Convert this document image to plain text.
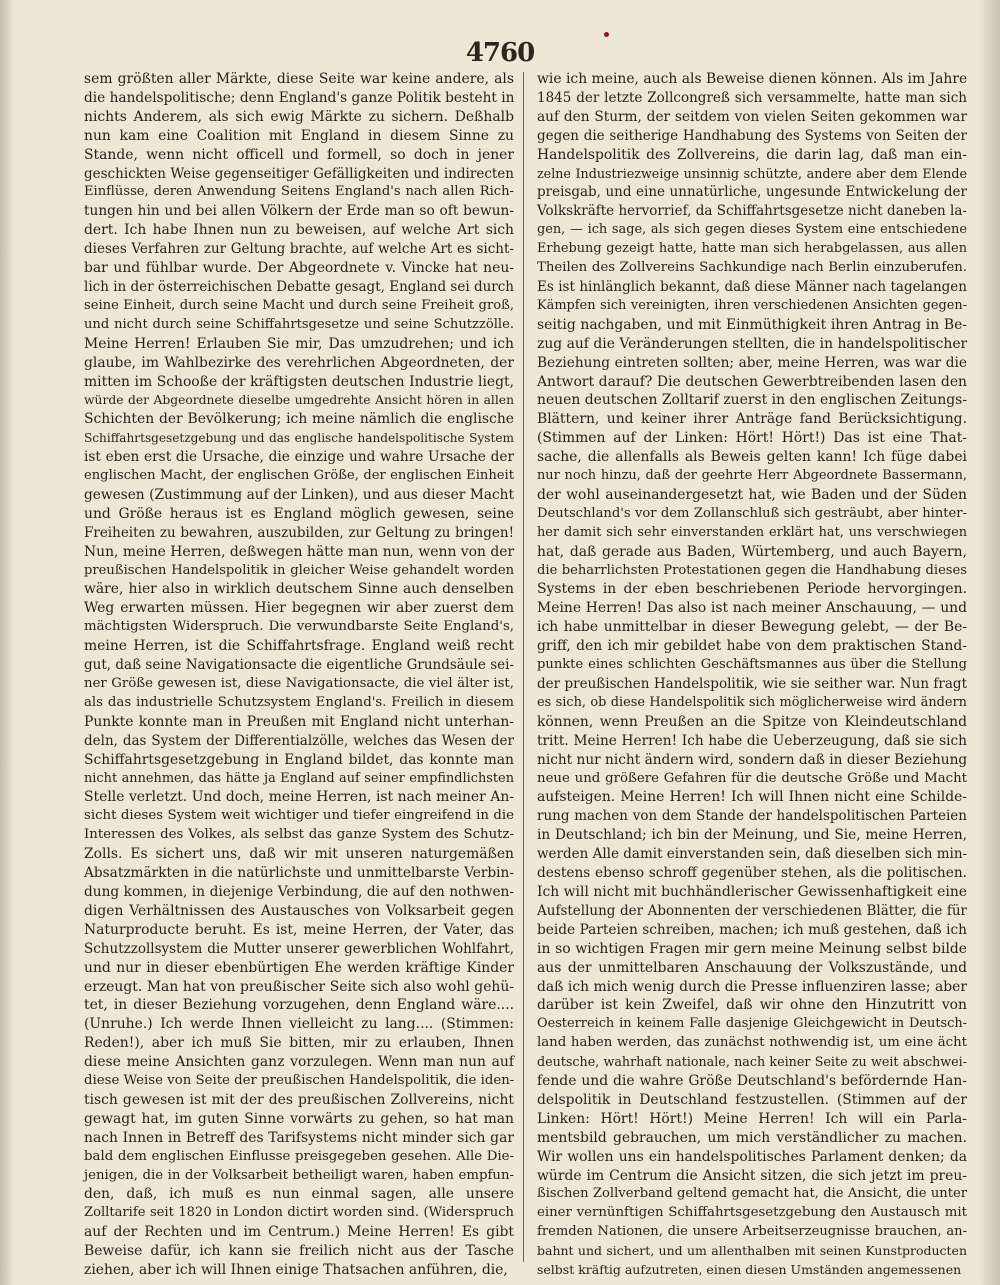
4760
sem größten aller Märkte, diese Seite war keine andere, als
die handelspolitische; denn England's ganze Politik besteht in
nichts Anderem, als sich ewig Märkte zu sichern. Deßhalb
nun kam eine Coalition mit England in diesem Sinne zu
Stande, wenn nicht officell und formell, so doch in jener
geschickten Weise gegenseitiger Gefälligkeiten und indirecten
Einflüsse, deren Anwendung Seitens England's nach allen Rich-
tungen hin und bei allen Völkern der Erde man so oft bewun-
dert. Ich habe Ihnen nun zu beweisen, auf welche Art sich
dieses Verfahren zur Geltung brachte, auf welche Art es sicht-
bar und fühlbar wurde. Der Abgeordnete v. Vincke hat neu-
lich in der österreichischen Debatte gesagt, England sei durch
seine Einheit, durch seine Macht und durch seine Freiheit groß,
und nicht durch seine Schiffahrtsgesetze und seine Schutzzölle.
Meine Herren! Erlauben Sie mir, Das umzudrehen; und ich
glaube, im Wahlbezirke des verehrlichen Abgeordneten, der
mitten im Schooße der kräftigsten deutschen Industrie liegt,
würde der Abgeordnete dieselbe umgedrehte Ansicht hören in allen
Schichten der Bevölkerung; ich meine nämlich die englische
Schiffahrtsgesetzgebung und das englische handelspolitische System
ist eben erst die Ursache, die einzige und wahre Ursache der
englischen Macht, der englischen Größe, der englischen Einheit
gewesen (Zustimmung auf der Linken), und aus dieser Macht
und Größe heraus ist es England möglich gewesen, seine
Freiheiten zu bewahren, auszubilden, zur Geltung zu bringen!
Nun, meine Herren, deßwegen hätte man nun, wenn von der
preußischen Handelspolitik in gleicher Weise gehandelt worden
wäre, hier also in wirklich deutschem Sinne auch denselben
Weg erwarten müssen. Hier begegnen wir aber zuerst dem
mächtigsten Widerspruch. Die verwundbarste Seite England's,
meine Herren, ist die Schiffahrtsfrage. England weiß recht
gut, daß seine Navigationsacte die eigentliche Grundsäule sei-
ner Größe gewesen ist, diese Navigationsacte, die viel älter ist,
als das industrielle Schutzsystem England's. Freilich in diesem
Punkte konnte man in Preußen mit England nicht unterhan-
deln, das System der Differentialzölle, welches das Wesen der
Schiffahrtsgesetzgebung in England bildet, das konnte man
nicht annehmen, das hätte ja England auf seiner empfindlichsten
Stelle verletzt. Und doch, meine Herren, ist nach meiner An-
sicht dieses System weit wichtiger und tiefer eingreifend in die
Interessen des Volkes, als selbst das ganze System des Schutz-
Zolls. Es sichert uns, daß wir mit unseren naturgemäßen
Absatzmärkten in die natürlichste und unmittelbarste Verbin-
dung kommen, in diejenige Verbindung, die auf den nothwen-
digen Verhältnissen des Austausches von Volksarbeit gegen
Naturproducte beruht. Es ist, meine Herren, der Vater, das
Schutzzollsystem die Mutter unserer gewerblichen Wohlfahrt,
und nur in dieser ebenbürtigen Ehe werden kräftige Kinder
erzeugt. Man hat von preußischer Seite sich also wohl gehü-
tet, in dieser Beziehung vorzugehen, denn England wäre....
(Unruhe.) Ich werde Ihnen vielleicht zu lang.... (Stimmen:
Reden!), aber ich muß Sie bitten, mir zu erlauben, Ihnen
diese meine Ansichten ganz vorzulegen. Wenn man nun auf
diese Weise von Seite der preußischen Handelspolitik, die iden-
tisch gewesen ist mit der des preußischen Zollvereins, nicht
gewagt hat, im guten Sinne vorwärts zu gehen, so hat man
nach Innen in Betreff des Tarifsystems nicht minder sich gar
bald dem englischen Einflusse preisgegeben gesehen. Alle Die-
jenigen, die in der Volksarbeit betheiligt waren, haben empfun-
den, daß, ich muß es nun einmal sagen, alle unsere
Zolltarife seit 1820 in London dictirt worden sind. (Widerspruch
auf der Rechten und im Centrum.) Meine Herren! Es gibt
Beweise dafür, ich kann sie freilich nicht aus der Tasche
ziehen, aber ich will Ihnen einige Thatsachen anführen, die,
wie ich meine, auch als Beweise dienen können. Als im Jahre
1845 der letzte Zollcongreß sich versammelte, hatte man sich
auf den Sturm, der seitdem von vielen Seiten gekommen war
gegen die seitherige Handhabung des Systems von Seiten der
Handelspolitik des Zollvereins, die darin lag, daß man ein-
zelne Industriezweige unsinnig schützte, andere aber dem Elende
preisgab, und eine unnatürliche, ungesunde Entwickelung der
Volkskräfte hervorrief, da Schiffahrtsgesetze nicht daneben la-
gen, — ich sage, als sich gegen dieses System eine entschiedene
Erhebung gezeigt hatte, hatte man sich herabgelassen, aus allen
Theilen des Zollvereins Sachkundige nach Berlin einzuberufen.
Es ist hinlänglich bekannt, daß diese Männer nach tagelangen
Kämpfen sich vereinigten, ihren verschiedenen Ansichten gegen-
seitig nachgaben, und mit Einmüthigkeit ihren Antrag in Be-
zug auf die Veränderungen stellten, die in handelspolitischer
Beziehung eintreten sollten; aber, meine Herren, was war die
Antwort darauf? Die deutschen Gewerbtreibenden lasen den
neuen deutschen Zolltarif zuerst in den englischen Zeitungs-
Blättern, und keiner ihrer Anträge fand Berücksichtigung.
(Stimmen auf der Linken: Hört! Hört!) Das ist eine That-
sache, die allenfalls als Beweis gelten kann! Ich füge dabei
nur noch hinzu, daß der geehrte Herr Abgeordnete Bassermann,
der wohl auseinandergesetzt hat, wie Baden und der Süden
Deutschland's vor dem Zollanschluß sich gesträubt, aber hinter-
her damit sich sehr einverstanden erklärt hat, uns verschwiegen
hat, daß gerade aus Baden, Würtemberg, und auch Bayern,
die beharrlichsten Protestationen gegen die Handhabung dieses
Systems in der eben beschriebenen Periode hervorgingen.
Meine Herren! Das also ist nach meiner Anschauung, — und
ich habe unmittelbar in dieser Bewegung gelebt, — der Be-
griff, den ich mir gebildet habe von dem praktischen Stand-
punkte eines schlichten Geschäftsmannes aus über die Stellung
der preußischen Handelspolitik, wie sie seither war. Nun fragt
es sich, ob diese Handelspolitik sich möglicherweise wird ändern
können, wenn Preußen an die Spitze von Kleindeutschland
tritt. Meine Herren! Ich habe die Ueberzeugung, daß sie sich
nicht nur nicht ändern wird, sondern daß in dieser Beziehung
neue und größere Gefahren für die deutsche Größe und Macht
aufsteigen. Meine Herren! Ich will Ihnen nicht eine Schilde-
rung machen von dem Stande der handelspolitischen Parteien
in Deutschland; ich bin der Meinung, und Sie, meine Herren,
werden Alle damit einverstanden sein, daß dieselben sich min-
destens ebenso schroff gegenüber stehen, als die politischen.
Ich will nicht mit buchhändlerischer Gewissenhaftigkeit eine
Aufstellung der Abonnenten der verschiedenen Blätter, die für
beide Parteien schreiben, machen; ich muß gestehen, daß ich
in so wichtigen Fragen mir gern meine Meinung selbst bilde
aus der unmittelbaren Anschauung der Volkszustände, und
daß ich mich wenig durch die Presse influenziren lasse; aber
darüber ist kein Zweifel, daß wir ohne den Hinzutritt von
Oesterreich in keinem Falle dasjenige Gleichgewicht in Deutsch-
land haben werden, das zunächst nothwendig ist, um eine ächt
deutsche, wahrhaft nationale, nach keiner Seite zu weit abschwei-
fende und die wahre Größe Deutschland's befördernde Han-
delspolitik in Deutschland festzustellen. (Stimmen auf der
Linken: Hört! Hört!) Meine Herren! Ich will ein Parla-
mentsbild gebrauchen, um mich verständlicher zu machen.
Wir wollen uns ein handelspolitisches Parlament denken; da
würde im Centrum die Ansicht sitzen, die sich jetzt im preu-
ßischen Zollverband geltend gemacht hat, die Ansicht, die unter
einer vernünftigen Schiffahrtsgesetzgebung den Austausch mit
fremden Nationen, die unsere Arbeitserzeugnisse brauchen, an-
bahnt und sichert, und um allenthalben mit seinen Kunstproducten
selbst kräftig aufzutreten, einen diesen Umständen angemessenen
